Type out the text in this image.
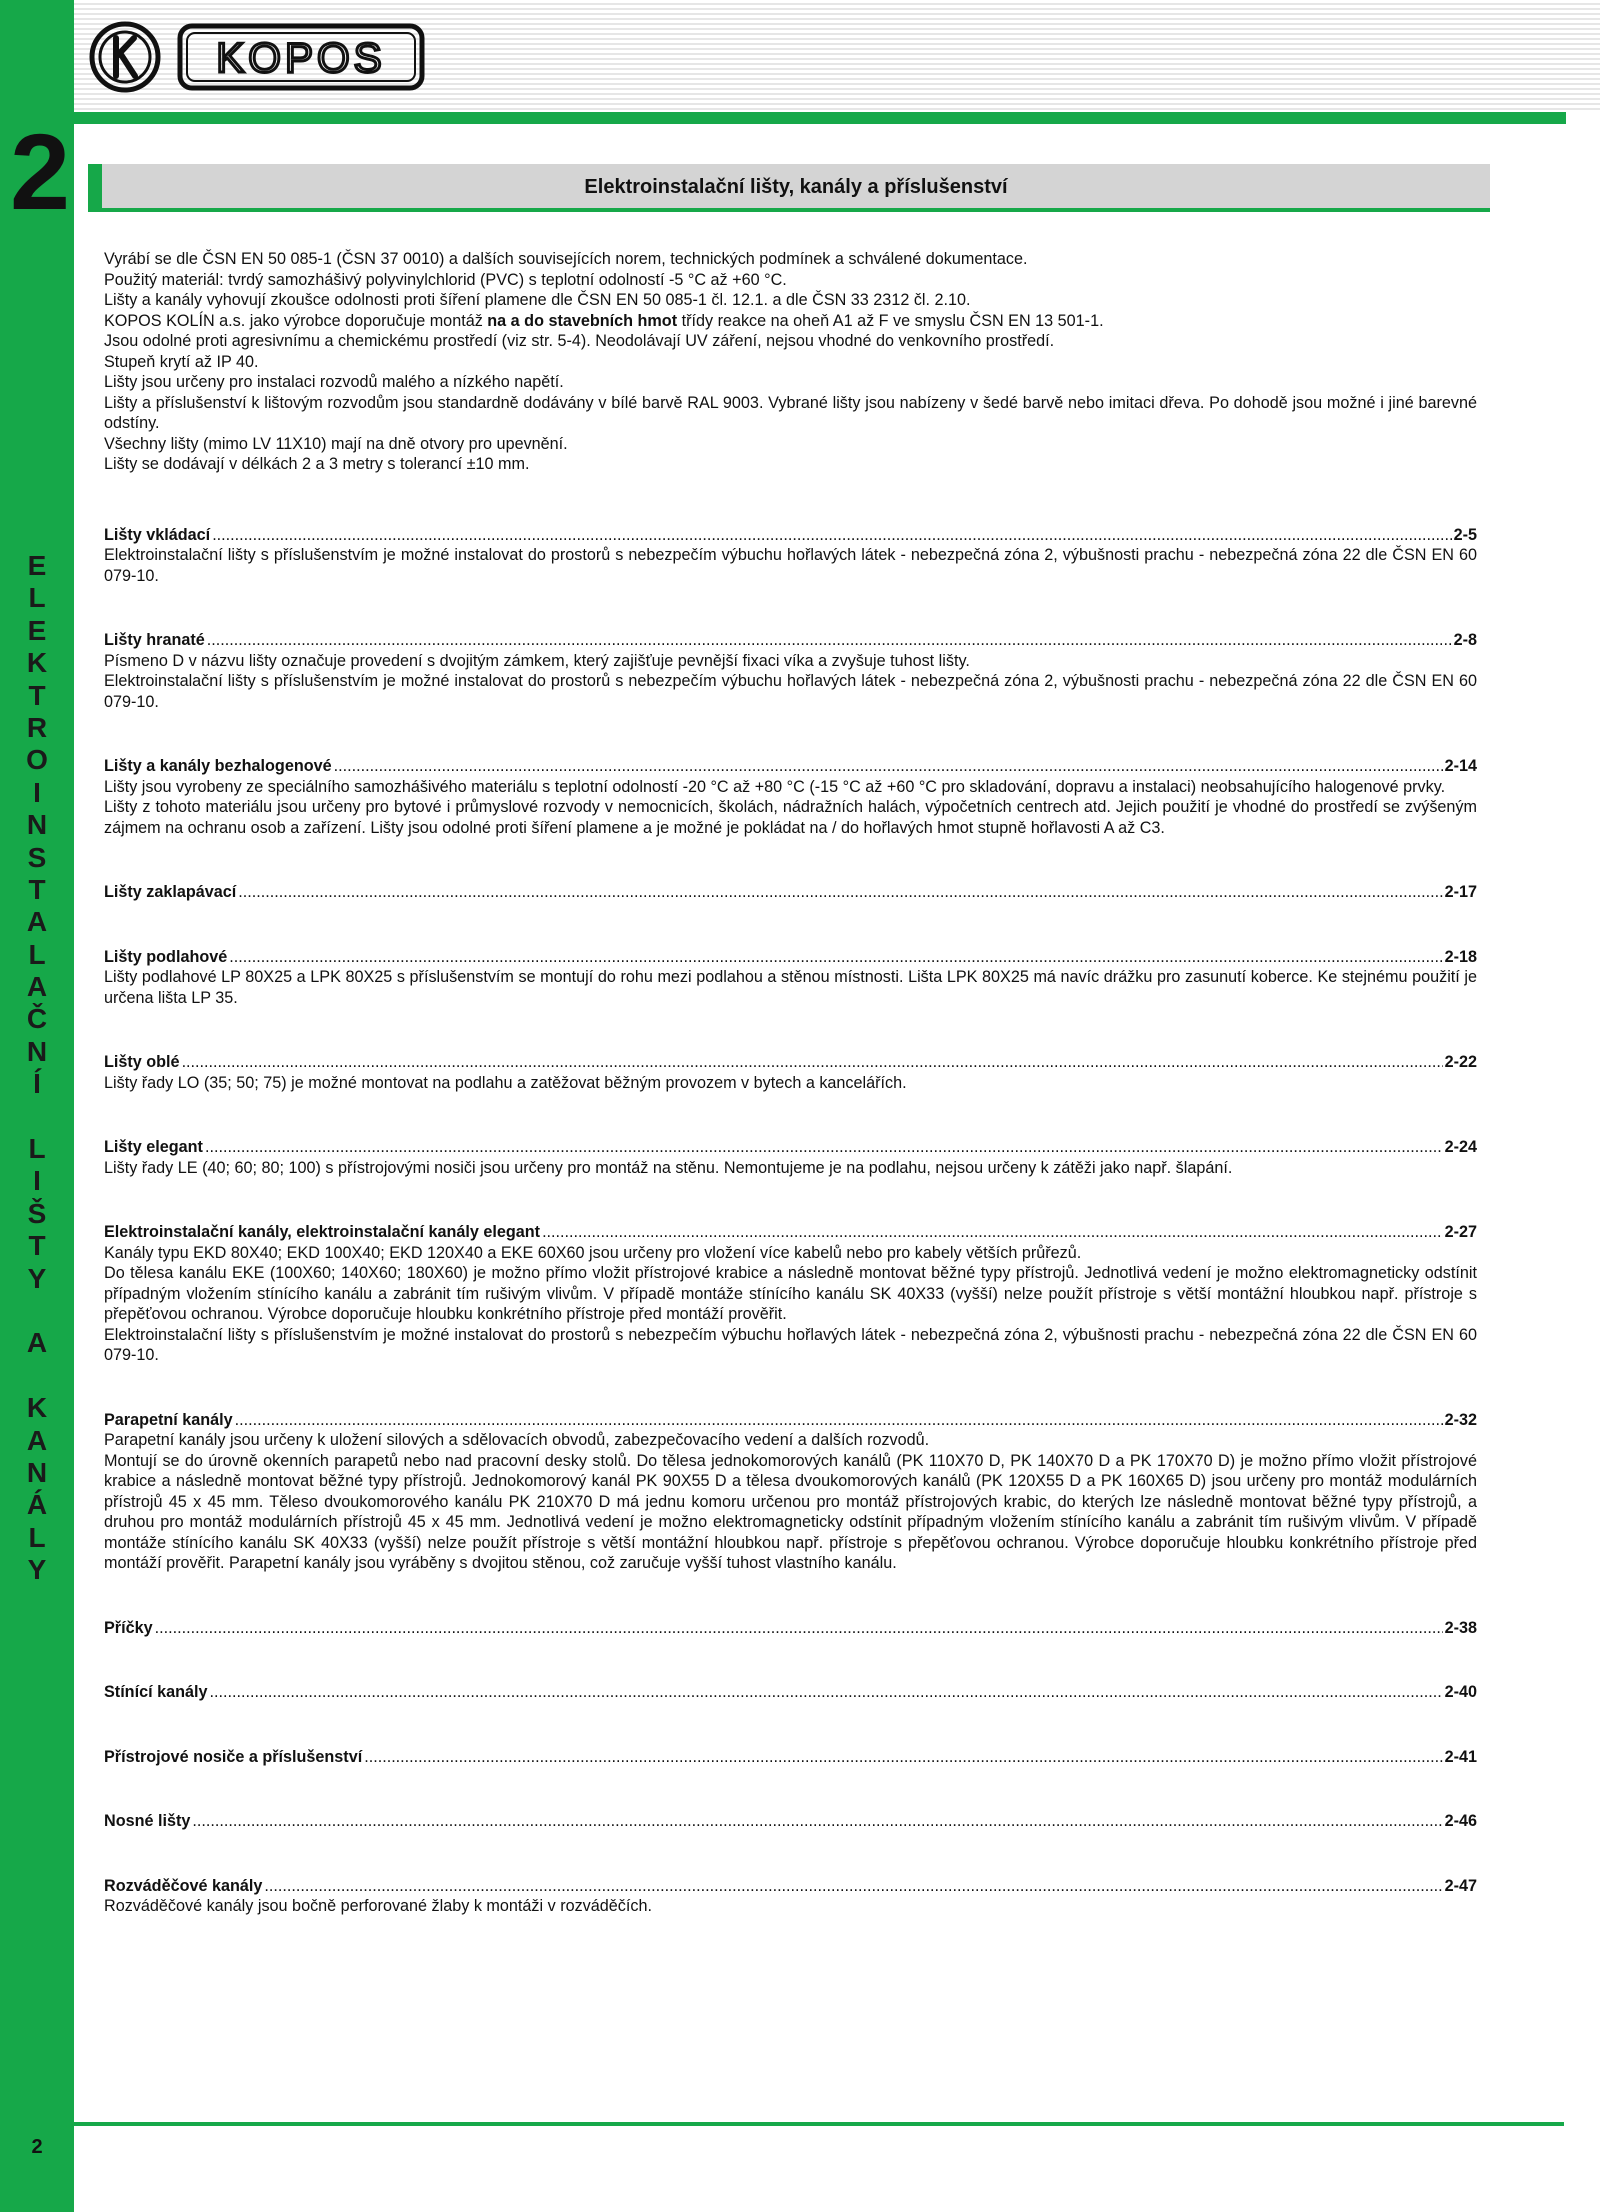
2
E
L
E
K
T
R
O
I
N
S
T
A
L
A
Č
N
Í
L
I
Š
T
Y
A
K
A
N
Á
L
Y
2
KOPOS
Elektroinstalační lišty, kanály a příslušenství
Vyrábí se dle ČSN EN 50 085-1 (ČSN 37 0010) a dalších souvisejících norem, technických podmínek a schválené dokumentace.
Použitý materiál: tvrdý samozhášivý polyvinylchlorid (PVC) s teplotní odolností -5 °C až +60 °C.
Lišty a kanály vyhovují zkoušce odolnosti proti šíření plamene dle ČSN EN 50 085-1 čl. 12.1. a dle ČSN 33 2312 čl. 2.10.
KOPOS KOLÍN a.s. jako výrobce doporučuje montáž na a do stavebních hmot třídy reakce na oheň A1 až F ve smyslu ČSN EN 13 501-1.
Jsou odolné proti agresivnímu a chemickému prostředí (viz str. 5-4). Neodolávají UV záření, nejsou vhodné do venkovního prostředí.
Stupeň krytí až IP 40.
Lišty jsou určeny pro instalaci rozvodů malého a nízkého napětí.
Lišty a příslušenství k lištovým rozvodům jsou standardně dodávány v bílé barvě RAL 9003. Vybrané lišty jsou nabízeny v šedé barvě nebo imitaci dřeva. Po dohodě jsou možné i jiné barevné odstíny.
Všechny lišty (mimo LV 11X10) mají na dně otvory pro upevnění.
Lišty se dodávají v délkách 2 a 3 metry s tolerancí ±10 mm.
Lišty vkládací .....	2-5
Elektroinstalační lišty s příslušenstvím je možné instalovat do prostorů s nebezpečím výbuchu hořlavých látek - nebezpečná zóna 2, výbušnosti prachu - nebezpečná zóna 22 dle ČSN EN 60 079-10.
Lišty hranaté .....	2-8
Písmeno D v názvu lišty označuje provedení s dvojitým zámkem, který zajišťuje pevnější fixaci víka a zvyšuje tuhost lišty.
Elektroinstalační lišty s příslušenstvím je možné instalovat do prostorů s nebezpečím výbuchu hořlavých látek - nebezpečná zóna 2, výbušnosti prachu - nebezpečná zóna 22 dle ČSN EN 60 079-10.
Lišty a kanály bezhalogenové .....	2-14
Lišty jsou vyrobeny ze speciálního samozhášivého materiálu s teplotní odolností -20 °C až +80 °C (-15 °C až +60 °C pro skladování, dopravu a instalaci) neobsahujícího halogenové prvky.
Lišty z tohoto materiálu jsou určeny pro bytové i průmyslové rozvody v nemocnicích, školách, nádražních halách, výpočetních centrech atd. Jejich použití je vhodné do prostředí se zvýšeným zájmem na ochranu osob a zařízení. Lišty jsou odolné proti šíření plamene a je možné je pokládat na / do hořlavých hmot stupně hořlavosti A až C3.
Lišty zaklapávací .....	2-17
Lišty podlahové .....	2-18
Lišty podlahové LP 80X25 a LPK 80X25 s příslušenstvím se montují do rohu mezi podlahou a stěnou místnosti. Lišta LPK 80X25 má navíc drážku pro zasunutí koberce. Ke stejnému použití je určena lišta LP 35.
Lišty oblé .....	2-22
Lišty řady LO (35; 50; 75) je možné montovat na podlahu a zatěžovat běžným provozem v bytech a kancelářích.
Lišty elegant .....	2-24
Lišty řady LE (40; 60; 80; 100) s přístrojovými nosiči jsou určeny pro montáž na stěnu. Nemontujeme je na podlahu, nejsou určeny k zátěži jako např. šlapání.
Elektroinstalační kanály, elektroinstalační kanály elegant .....	2-27
Kanály typu EKD 80X40; EKD 100X40; EKD 120X40 a EKE 60X60 jsou určeny pro vložení více kabelů nebo pro kabely větších průřezů.
Do tělesa kanálu EKE (100X60; 140X60; 180X60) je možno přímo vložit přístrojové krabice a následně montovat běžné typy přístrojů. Jednotlivá vedení je možno elektromagneticky odstínit případným vložením stínícího kanálu a zabránit tím rušivým vlivům. V případě montáže stínícího kanálu SK 40X33 (vyšší) nelze použít přístroje s větší montážní hloubkou např. přístroje s přepěťovou ochranou. Výrobce doporučuje hloubku konkrétního přístroje před montáží prověřit.
Elektroinstalační lišty s příslušenstvím je možné instalovat do prostorů s nebezpečím výbuchu hořlavých látek - nebezpečná zóna 2, výbušnosti prachu - nebezpečná zóna 22 dle ČSN EN 60 079-10.
Parapetní kanály .....	2-32
Parapetní kanály jsou určeny k uložení silových a sdělovacích obvodů, zabezpečovacího vedení a dalších rozvodů.
Montují se do úrovně okenních parapetů nebo nad pracovní desky stolů. Do tělesa jednokomorových kanálů (PK 110X70 D, PK 140X70 D a PK 170X70 D) je možno přímo vložit přístrojové krabice a následně montovat běžné typy přístrojů. Jednokomorový kanál PK 90X55 D a tělesa dvoukomorových kanálů (PK 120X55 D a PK 160X65 D) jsou určeny pro montáž modulárních přístrojů 45 x 45 mm. Těleso dvoukomorového kanálu PK 210X70 D má jednu komoru určenou pro montáž přístrojových krabic, do kterých lze následně montovat běžné typy přístrojů, a druhou pro montáž modulárních přístrojů 45 x 45 mm. Jednotlivá vedení je možno elektromagneticky odstínit případným vložením stínícího kanálu a zabránit tím rušivým vlivům. V případě montáže stínícího kanálu SK 40X33 (vyšší) nelze použít přístroje s větší montážní hloubkou např. přístroje s přepěťovou ochranou. Výrobce doporučuje hloubku konkrétního přístroje před montáží prověřit. Parapetní kanály jsou vyráběny s dvojitou stěnou, což zaručuje vyšší tuhost vlastního kanálu.
Příčky .....	2-38
Stínící kanály .....	2-40
Přístrojové nosiče a příslušenství .....	2-41
Nosné lišty .....	2-46
Rozváděčové kanály .....	2-47
Rozváděčové kanály jsou bočně perforované žlaby k montáži v rozváděčích.
